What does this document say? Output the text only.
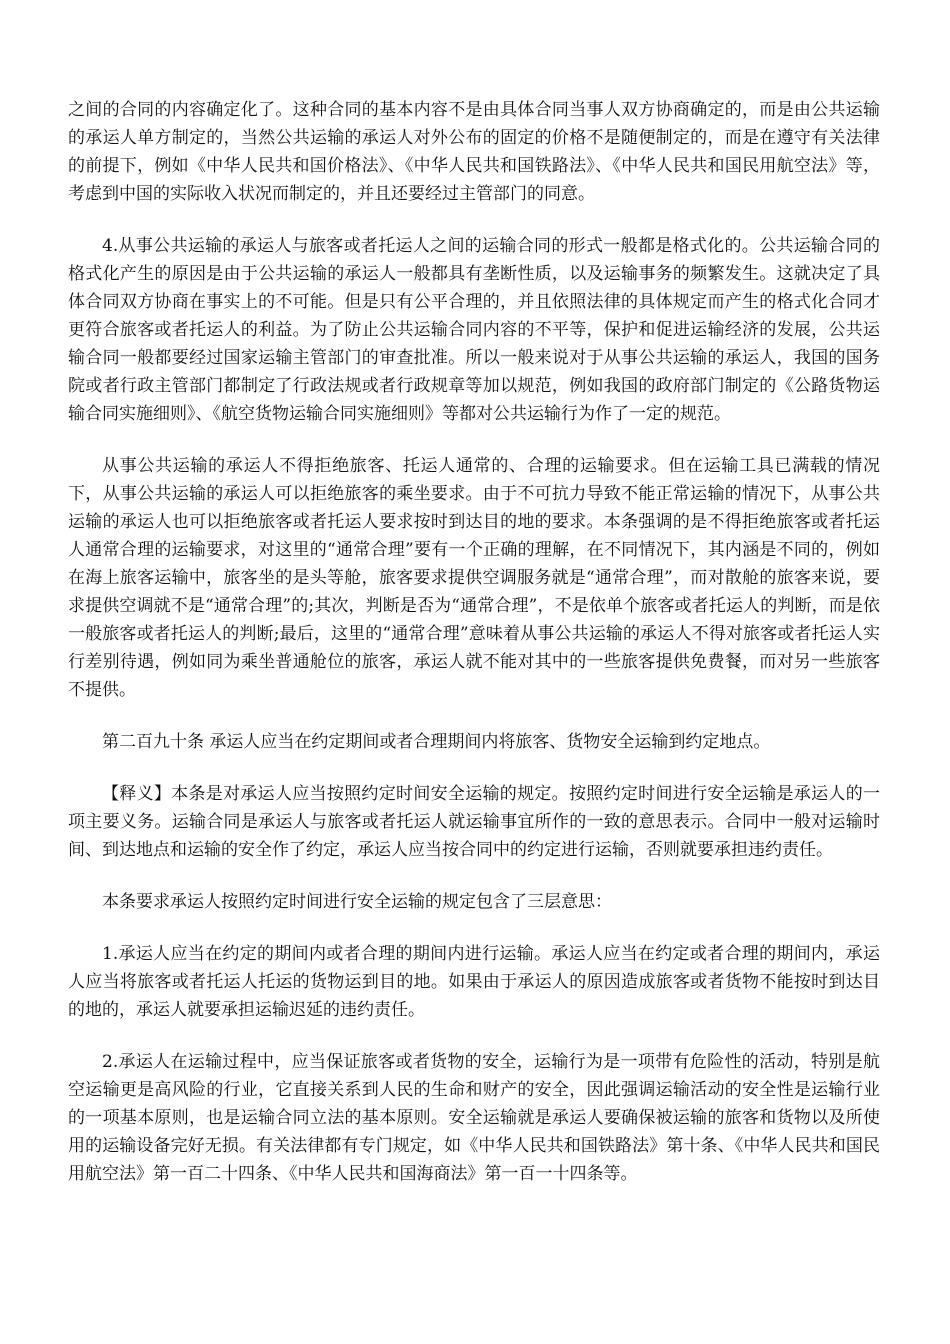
之间的合同的内容确定化了。这种合同的基本内容不是由具体合同当事人双方协商确定的，而是由公共运输的承运人单方制定的，当然公共运输的承运人对外公布的固定的价格不是随便制定的，而是在遵守有关法律的前提下，例如《中华人民共和国价格法》、《中华人民共和国铁路法》、《中华人民共和国民用航空法》等，考虑到中国的实际收入状况而制定的，并且还要经过主管部门的同意。

4.从事公共运输的承运人与旅客或者托运人之间的运输合同的形式一般都是格式化的。公共运输合同的格式化产生的原因是由于公共运输的承运人一般都具有垄断性质，以及运输事务的频繁发生。这就决定了具体合同双方协商在事实上的不可能。但是只有公平合理的，并且依照法律的具体规定而产生的格式化合同才更符合旅客或者托运人的利益。为了防止公共运输合同内容的不平等，保护和促进运输经济的发展，公共运输合同一般都要经过国家运输主管部门的审查批准。所以一般来说对于从事公共运输的承运人，我国的国务院或者行政主管部门都制定了行政法规或者行政规章等加以规范，例如我国的政府部门制定的《公路货物运输合同实施细则》、《航空货物运输合同实施细则》等都对公共运输行为作了一定的规范。

从事公共运输的承运人不得拒绝旅客、托运人通常的、合理的运输要求。但在运输工具已满载的情况下，从事公共运输的承运人可以拒绝旅客的乘坐要求。由于不可抗力导致不能正常运输的情况下，从事公共运输的承运人也可以拒绝旅客或者托运人要求按时到达目的地的要求。本条强调的是不得拒绝旅客或者托运人通常合理的运输要求，对这里的“通常合理”要有一个正确的理解，在不同情况下，其内涵是不同的，例如在海上旅客运输中，旅客坐的是头等舱，旅客要求提供空调服务就是“通常合理”，而对散舱的旅客来说，要求提供空调就不是“通常合理”的;其次，判断是否为“通常合理”，不是依单个旅客或者托运人的判断，而是依一般旅客或者托运人的判断;最后，这里的“通常合理”意味着从事公共运输的承运人不得对旅客或者托运人实行差别待遇，例如同为乘坐普通舱位的旅客，承运人就不能对其中的一些旅客提供免费餐，而对另一些旅客不提供。

第二百九十条 承运人应当在约定期间或者合理期间内将旅客、货物安全运输到约定地点。

【释义】本条是对承运人应当按照约定时间安全运输的规定。按照约定时间进行安全运输是承运人的一项主要义务。运输合同是承运人与旅客或者托运人就运输事宜所作的一致的意思表示。合同中一般对运输时间、到达地点和运输的安全作了约定，承运人应当按合同中的约定进行运输，否则就要承担违约责任。

本条要求承运人按照约定时间进行安全运输的规定包含了三层意思：

1.承运人应当在约定的期间内或者合理的期间内进行运输。承运人应当在约定或者合理的期间内，承运人应当将旅客或者托运人托运的货物运到目的地。如果由于承运人的原因造成旅客或者货物不能按时到达目的地的，承运人就要承担运输迟延的违约责任。

2.承运人在运输过程中，应当保证旅客或者货物的安全，运输行为是一项带有危险性的活动，特别是航空运输更是高风险的行业，它直接关系到人民的生命和财产的安全，因此强调运输活动的安全性是运输行业的一项基本原则，也是运输合同立法的基本原则。安全运输就是承运人要确保被运输的旅客和货物以及所使用的运输设备完好无损。有关法律都有专门规定，如《中华人民共和国铁路法》第十条、《中华人民共和国民用航空法》第一百二十四条、《中华人民共和国海商法》第一百一十四条等。
